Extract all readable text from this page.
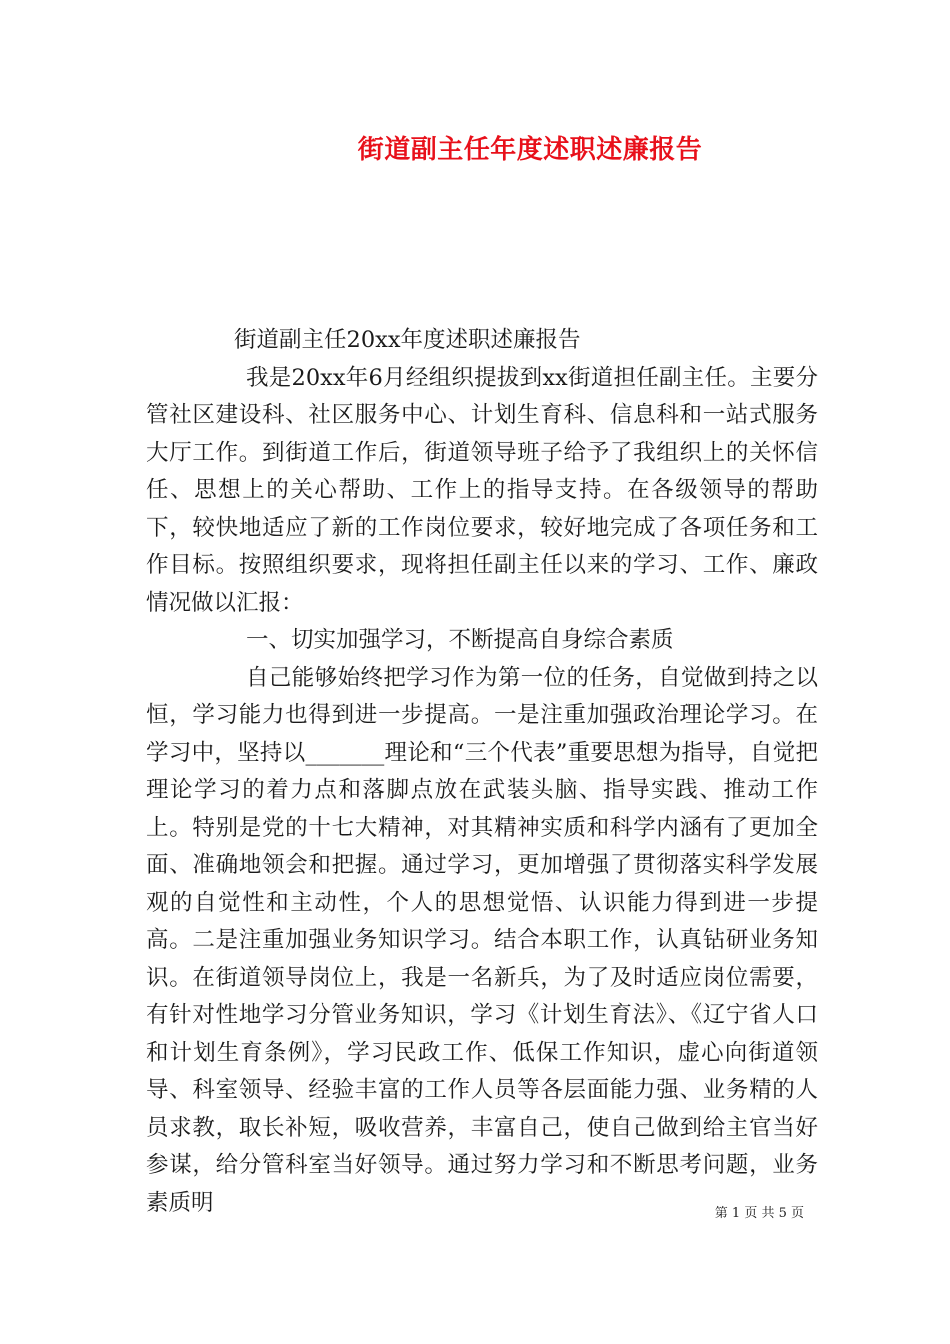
街道副主任年度述职述廉报告

街道副主任20xx年度述职述廉报告

我是20xx年6月经组织提拔到xx街道担任副主任。主要分管社区建设科、社区服务中心、计划生育科、信息科和一站式服务大厅工作。到街道工作后，街道领导班子给予了我组织上的关怀信任、思想上的关心帮助、工作上的指导支持。在各级领导的帮助下，较快地适应了新的工作岗位要求，较好地完成了各项任务和工作目标。按照组织要求，现将担任副主任以来的学习、工作、廉政情况做以汇报：

一、切实加强学习，不断提高自身综合素质

自己能够始终把学习作为第一位的任务，自觉做到持之以恒，学习能力也得到进一步提高。一是注重加强政治理论学习。在学习中，坚持以_______理论和“三个代表”重要思想为指导，自觉把理论学习的着力点和落脚点放在武装头脑、指导实践、推动工作上。特别是党的十七大精神，对其精神实质和科学内涵有了更加全面、准确地领会和把握。通过学习，更加增强了贯彻落实科学发展观的自觉性和主动性，个人的思想觉悟、认识能力得到进一步提高。二是注重加强业务知识学习。结合本职工作，认真钻研业务知识。在街道领导岗位上，我是一名新兵，为了及时适应岗位需要，有针对性地学习分管业务知识，学习《计划生育法》、《辽宁省人口和计划生育条例》，学习民政工作、低保工作知识，虚心向街道领导、科室领导、经验丰富的工作人员等各层面能力强、业务精的人员求教，取长补短，吸收营养，丰富自己，使自己做到给主官当好参谋，给分管科室当好领导。通过努力学习和不断思考问题，业务素质明	第 1 页 共 5 页
